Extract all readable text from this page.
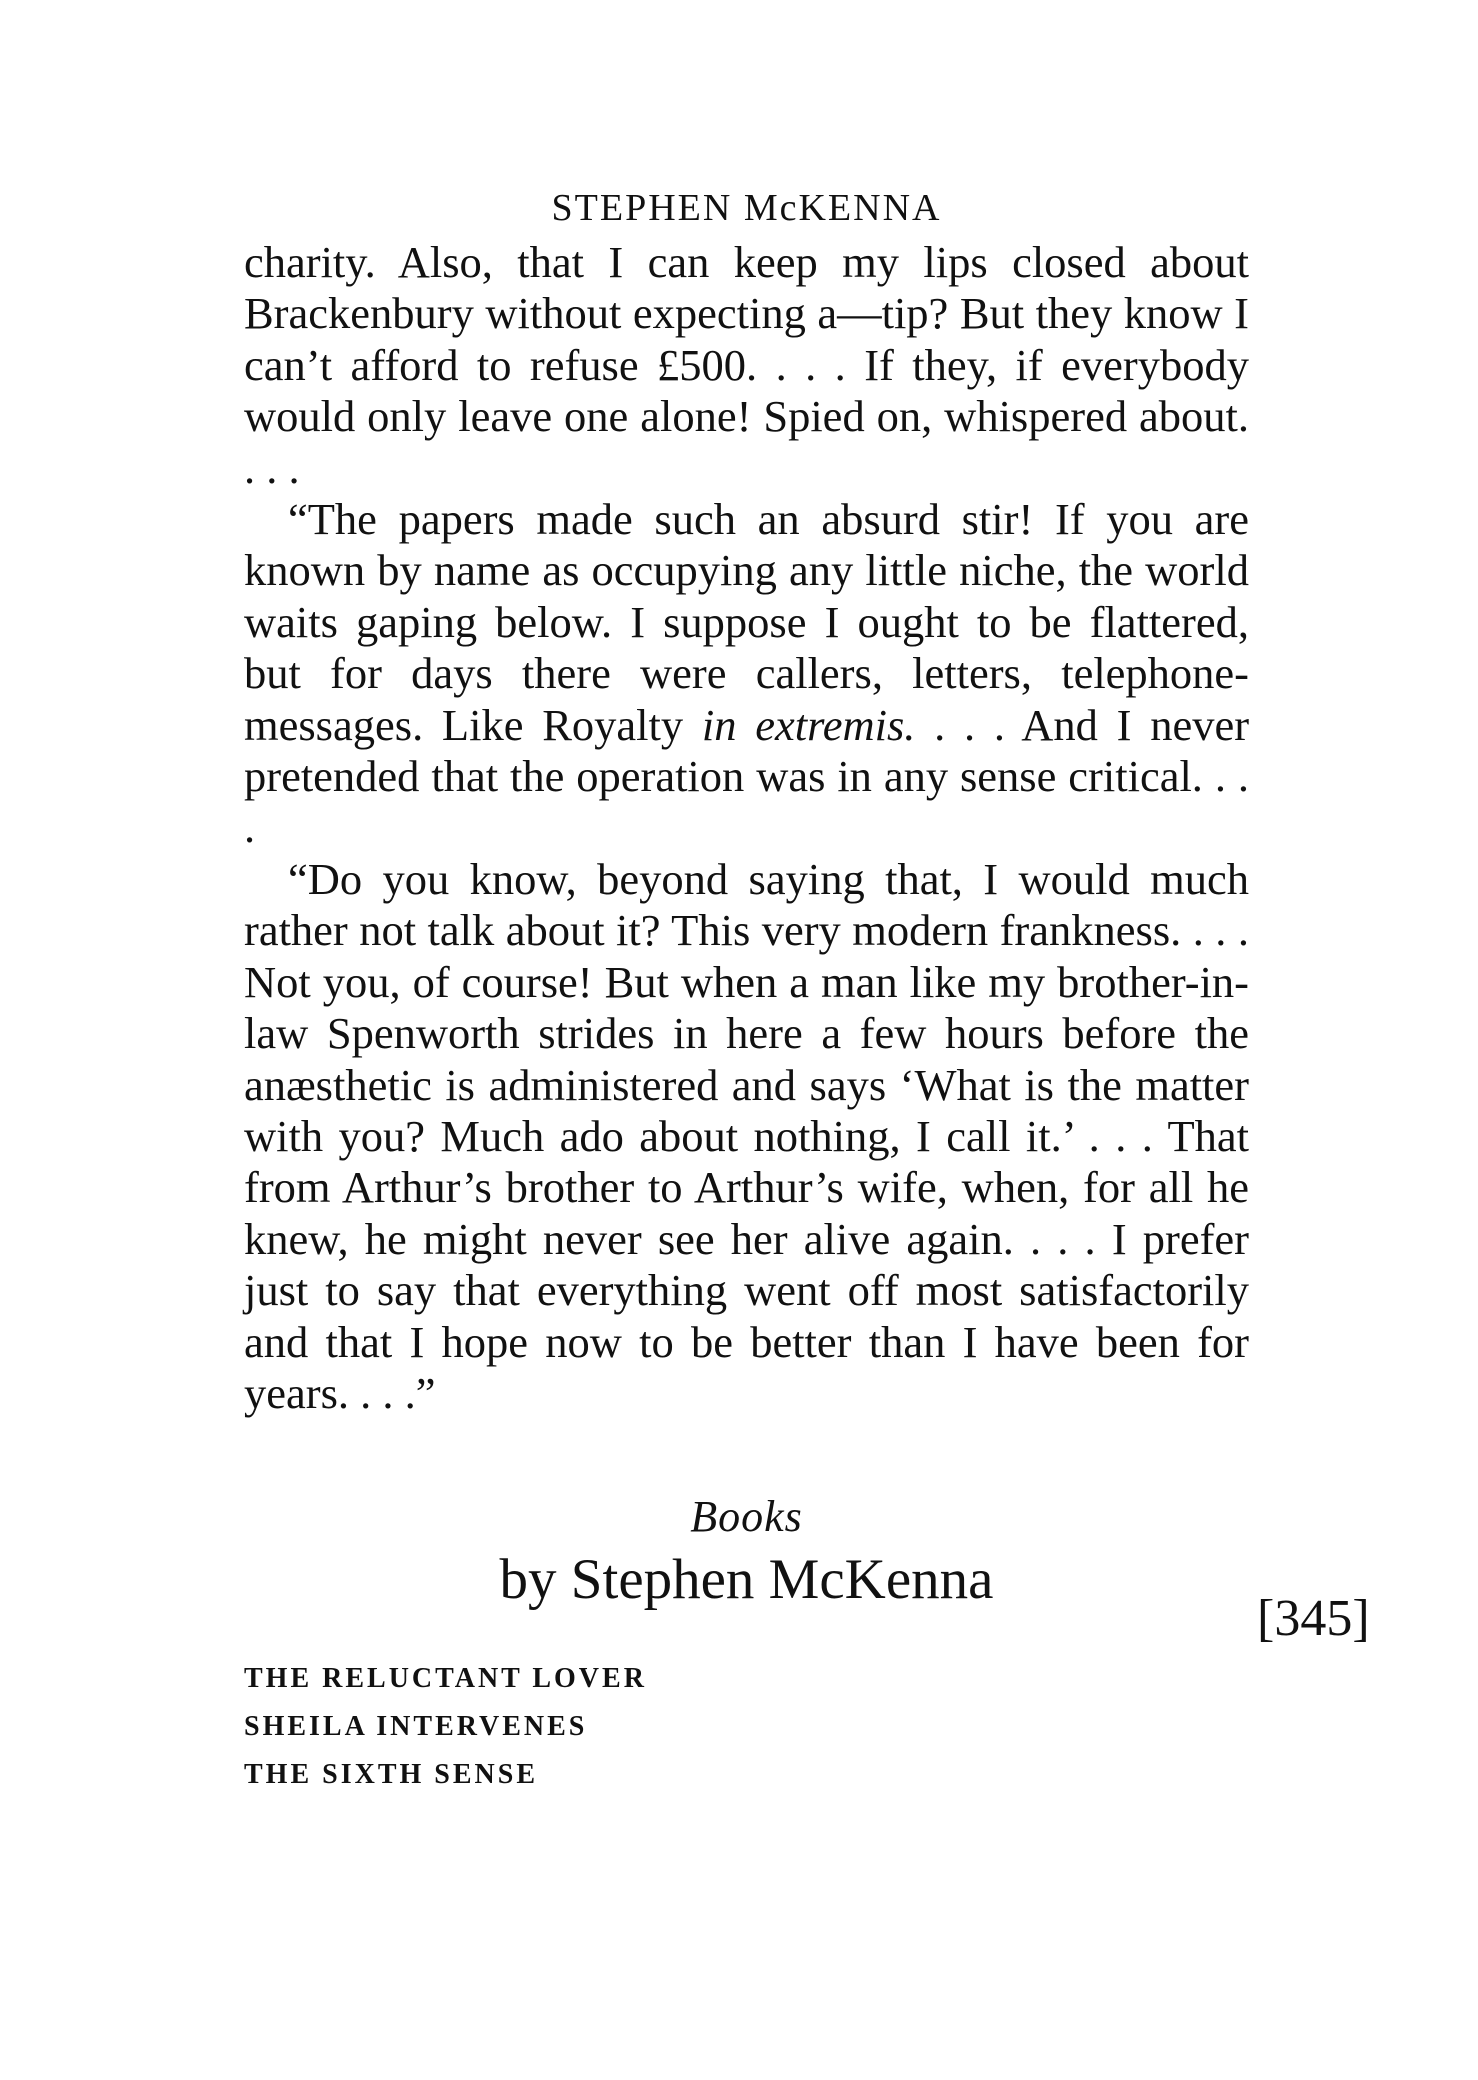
STEPHEN McKENNA

charity. Also, that I can keep my lips closed about Brackenbury without expecting a—tip? But they know I can’t afford to refuse £500. . . . If they, if everybody would only leave one alone! Spied on, whispered about. . . .

“The papers made such an absurd stir! If you are known by name as occupying any little niche, the world waits gaping below. I suppose I ought to be flattered, but for days there were callers, letters, telephone-messages. Like Royalty in extremis. . . . And I never pretended that the operation was in any sense critical. . . .

“Do you know, beyond saying that, I would much rather not talk about it? This very modern frankness. . . . Not you, of course! But when a man like my brother-in-law Spenworth strides in here a few hours before the anæsthetic is administered and says ‘What is the matter with you? Much ado about nothing, I call it.’ . . . That from Arthur’s brother to Arthur’s wife, when, for all he knew, he might never see her alive again. . . . I prefer just to say that everything went off most satisfactorily and that I hope now to be better than I have been for years. . . .”

Books
by Stephen McKenna
THE RELUCTANT LOVER
SHEILA INTERVENES
THE SIXTH SENSE
[345]
